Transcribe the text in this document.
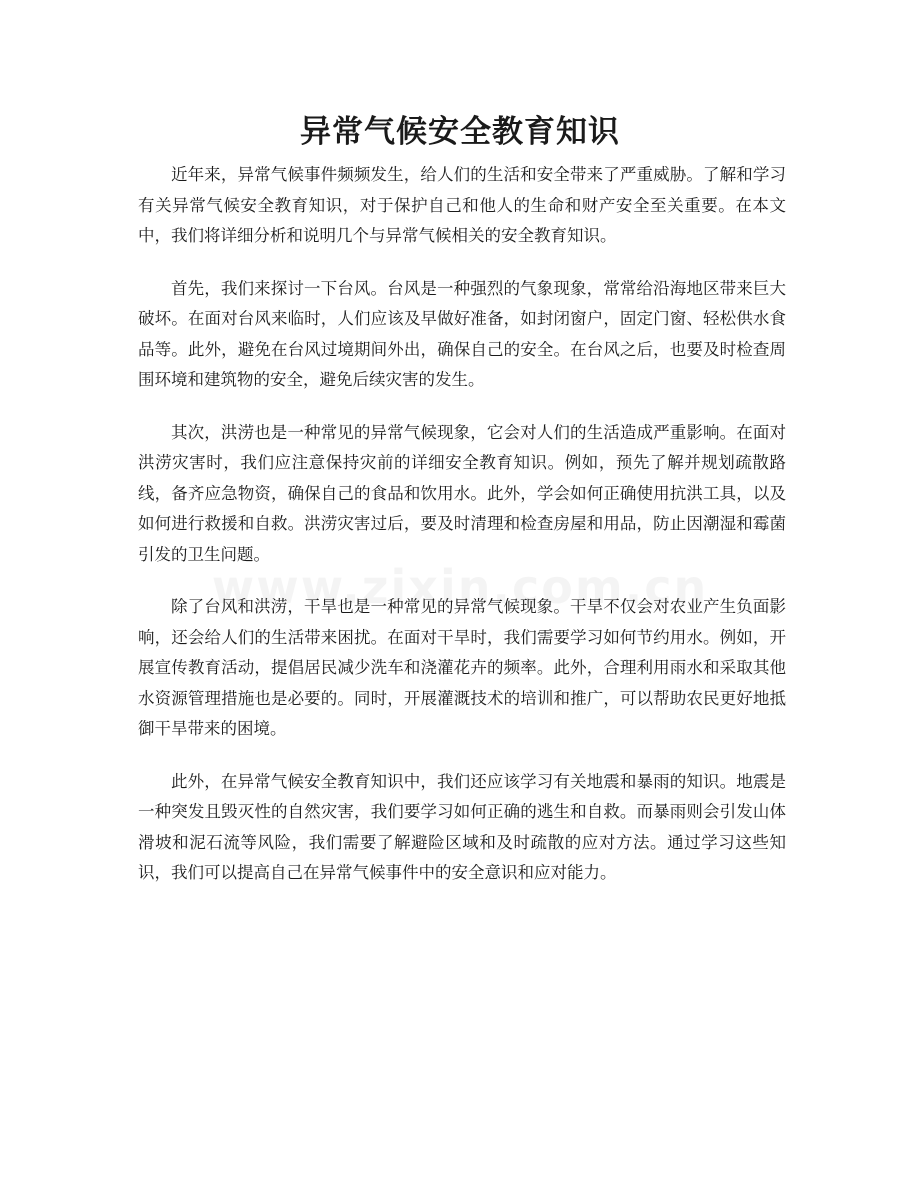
异常气候安全教育知识

近年来，异常气候事件频频发生，给人们的生活和安全带来了严重威胁。了解和学习有关异常气候安全教育知识，对于保护自己和他人的生命和财产安全至关重要。在本文中，我们将详细分析和说明几个与异常气候相关的安全教育知识。

首先，我们来探讨一下台风。台风是一种强烈的气象现象，常常给沿海地区带来巨大破坏。在面对台风来临时，人们应该及早做好准备，如封闭窗户，固定门窗、轻松供水食品等。此外，避免在台风过境期间外出，确保自己的安全。在台风之后，也要及时检查周围环境和建筑物的安全，避免后续灾害的发生。

其次，洪涝也是一种常见的异常气候现象，它会对人们的生活造成严重影响。在面对洪涝灾害时，我们应注意保持灾前的详细安全教育知识。例如，预先了解并规划疏散路线，备齐应急物资，确保自己的食品和饮用水。此外，学会如何正确使用抗洪工具，以及如何进行救援和自救。洪涝灾害过后，要及时清理和检查房屋和用品，防止因潮湿和霉菌引发的卫生问题。

除了台风和洪涝，干旱也是一种常见的异常气候现象。干旱不仅会对农业产生负面影响，还会给人们的生活带来困扰。在面对干旱时，我们需要学习如何节约用水。例如，开展宣传教育活动，提倡居民减少洗车和浇灌花卉的频率。此外，合理利用雨水和采取其他水资源管理措施也是必要的。同时，开展灌溉技术的培训和推广，可以帮助农民更好地抵御干旱带来的困境。

此外，在异常气候安全教育知识中，我们还应该学习有关地震和暴雨的知识。地震是一种突发且毁灭性的自然灾害，我们要学习如何正确的逃生和自救。而暴雨则会引发山体滑坡和泥石流等风险，我们需要了解避险区域和及时疏散的应对方法。通过学习这些知识，我们可以提高自己在异常气候事件中的安全意识和应对能力。
